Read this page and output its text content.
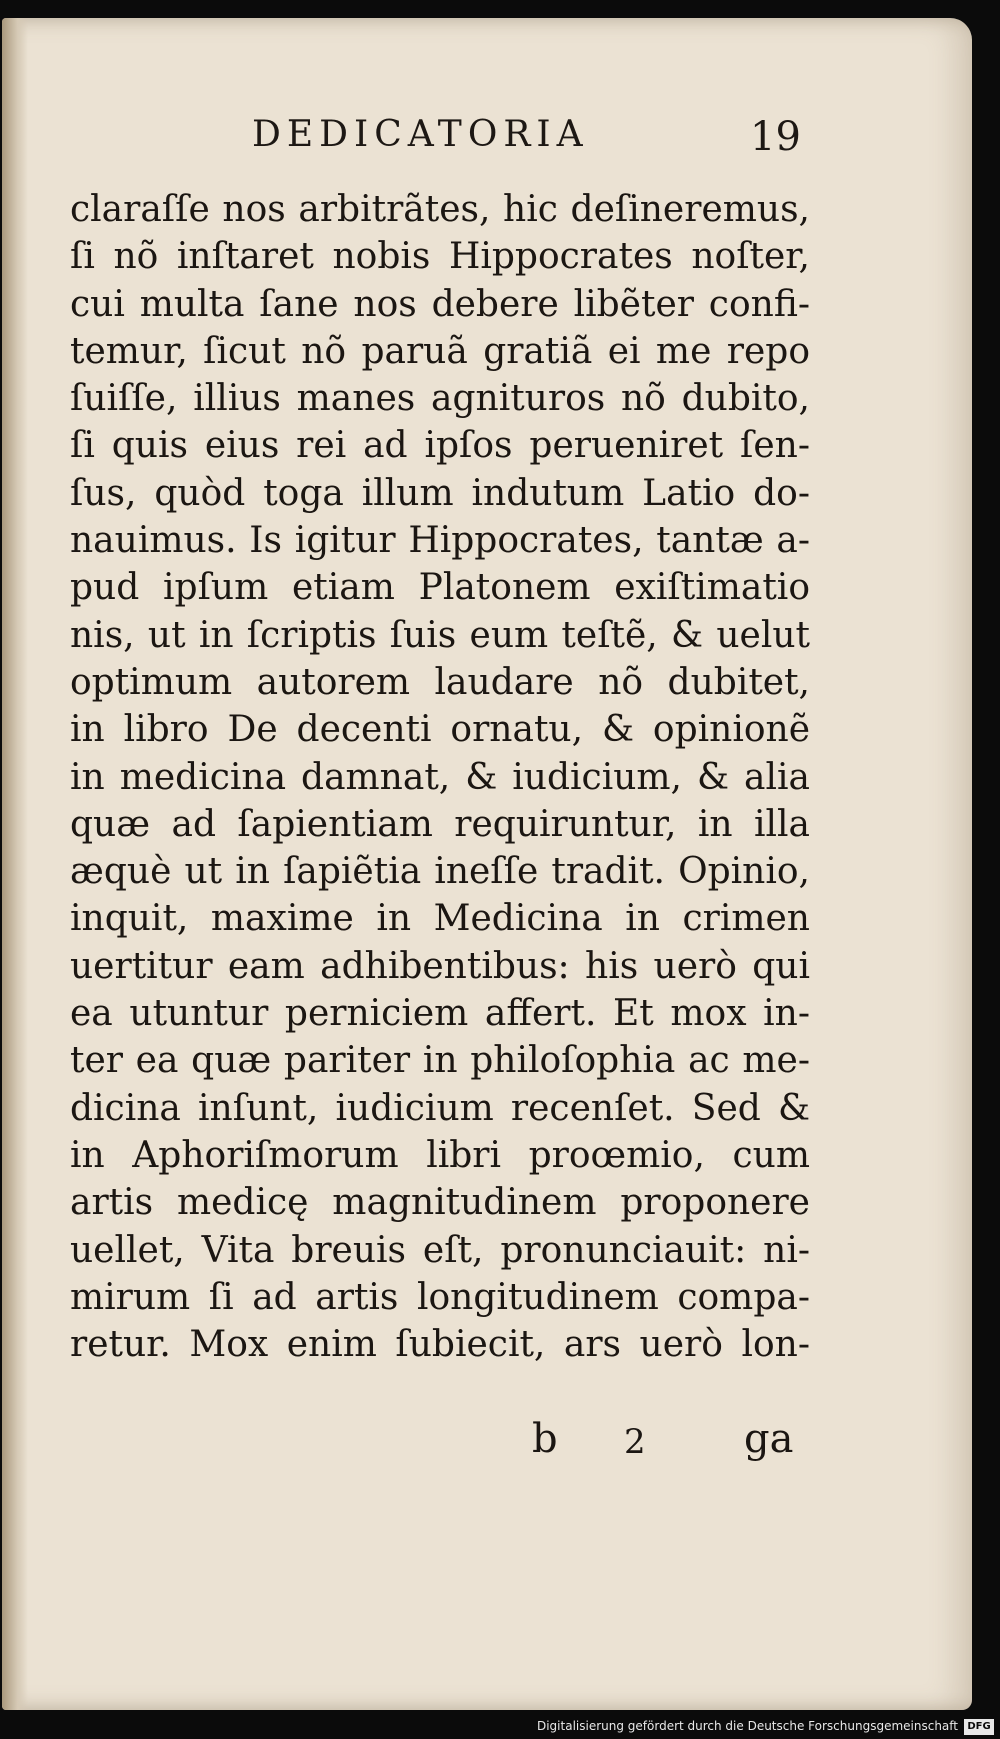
DEDICATORIA	19
claraſſe nos arbitrãtes, hic deſineremus,
ſi nõ inſtaret nobis Hippocrates noſter,
cui multa ſane nos debere libẽter confi-
temur, ſicut nõ paruã gratiã ei me repo
ſuiſſe, illius manes agnituros nõ dubito,
ſi quis eius rei ad ipſos perueniret ſen-
ſus, quòd toga illum indutum Latio do-
nauimus. Is igitur Hippocrates, tantæ a-
pud ipſum etiam Platonem exiſtimatio
nis, ut in ſcriptis ſuis eum teſtẽ, & uelut
optimum autorem laudare nõ dubitet,
in libro De decenti ornatu, & opinionẽ
in medicina damnat, & iudicium, & alia
quæ ad ſapientiam requiruntur, in illa
æquè ut in ſapiẽtia ineſſe tradit. Opinio,
inquit, maxime in Medicina in crimen
uertitur eam adhibentibus: his uerò qui
ea utuntur perniciem affert. Et mox in-
ter ea quæ pariter in philoſophia ac me-
dicina inſunt, iudicium recenſet. Sed &
in Aphoriſmorum libri proœmio, cum
artis medicę magnitudinem proponere
uellet, Vita breuis eſt, pronunciauit: ni-
mirum ſi ad artis longitudinem compa-
retur. Mox enim ſubiecit, ars uerò lon-
b 2 ga
Digitalisierung gefördert durch die Deutsche Forschungsgemeinschaft DFG
